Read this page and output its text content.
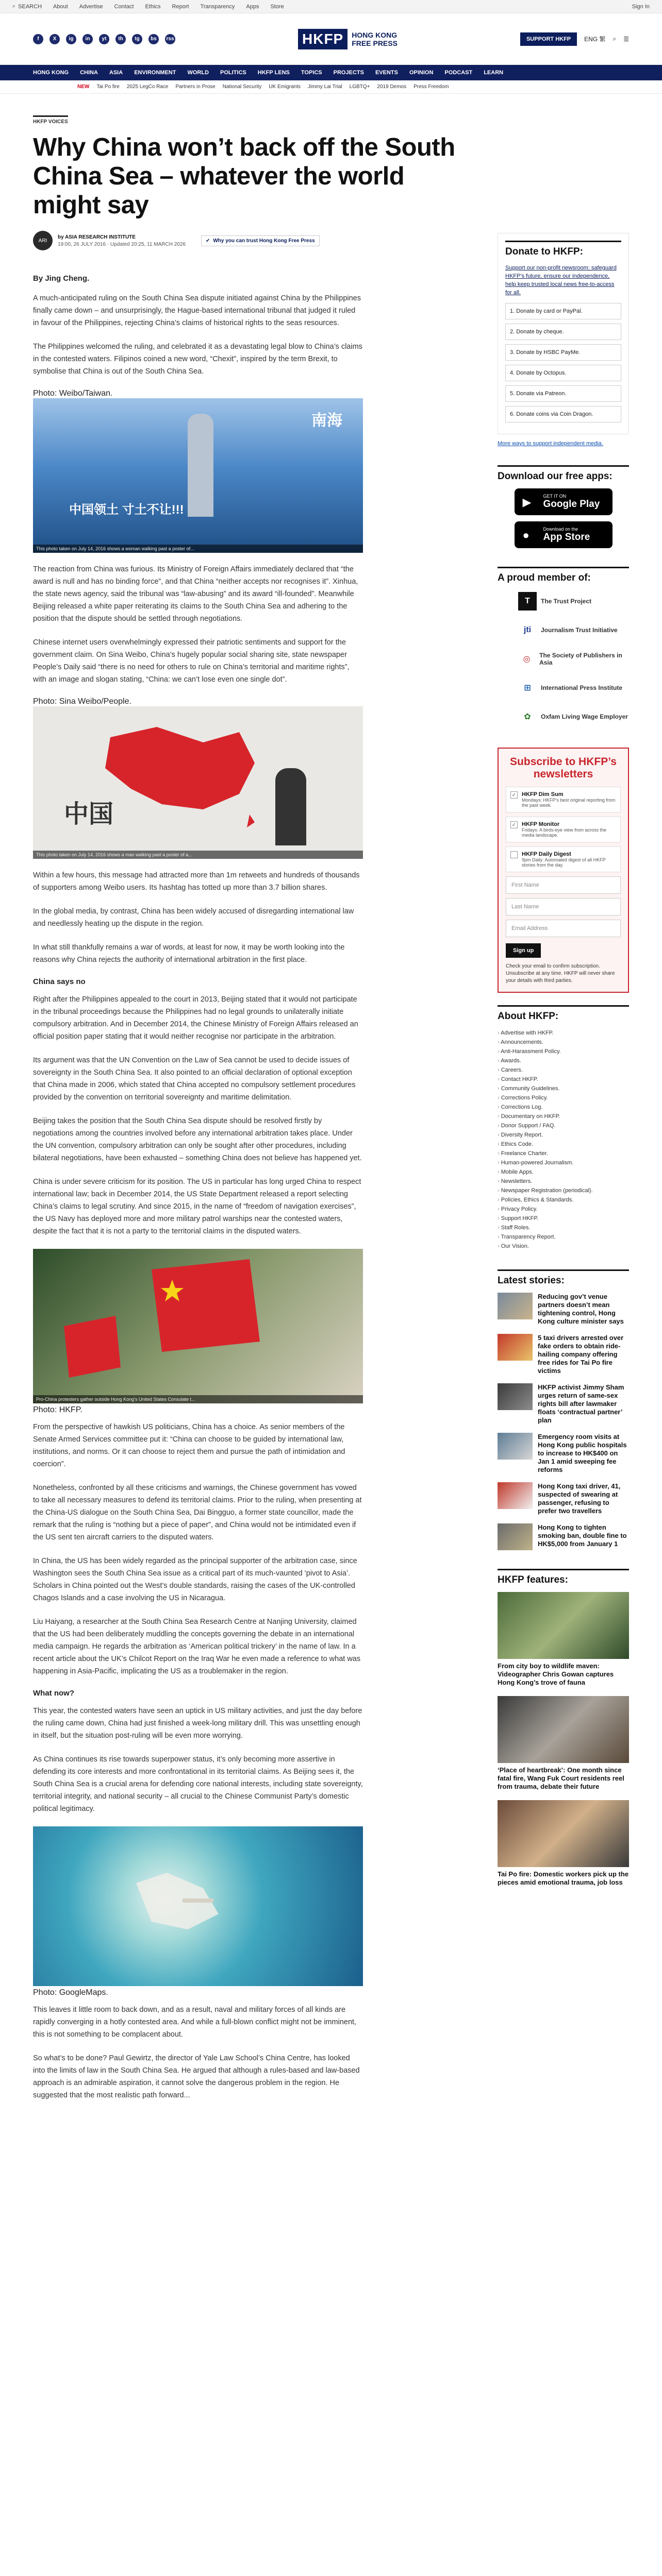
⌕ SEARCH About Advertise Contact Ethics Report Transparency Apps Store	Sign In
f	X	ig	in	yt	th	tg	bs	rss	HKFP	HONG KONG
FREE PRESS	SUPPORT HKFP	ENG 繁 ⌕ ☰
HONG KONG CHINA ASIA ENVIRONMENT WORLD POLITICS HKFP LENS TOPICS PROJECTS EVENTS OPINION PODCAST LEARN
NEW Tai Po fire 2025 LegCo Race Partners in Prose National Security UK Emigrants Jimmy Lai Trial LGBTQ+ 2019 Demos Press Freedom
HKFP VOICES
Why China won’t back off the South China Sea – whatever the world might say
ARI
by ASIA RESEARCH INSTITUTE
19:00, 26 JULY 2016 · Updated 20:25, 11 MARCH 2026
✔ Why you can trust Hong Kong Free Press
By Jing Cheng.

A much-anticipated ruling on the South China Sea dispute initiated against China by the Philippines finally came down – and unsurprisingly, the Hague-based international tribunal that judged it ruled in favour of the Philippines, rejecting China’s claims of historical rights to the seas resources.

The Philippines welcomed the ruling, and celebrated it as a devastating legal blow to China’s claims in the contested waters. Filipinos coined a new word, “Chexit”, inspired by the term Brexit, to symbolise that China is out of the South China Sea.

Photo: Weibo/Taiwan.
南海
中国领土 寸土不让!!!
This photo taken on July 14, 2016 shows a woman walking past a poster of...

The reaction from China was furious. Its Ministry of Foreign Affairs immediately declared that “the award is null and has no binding force”, and that China “neither accepts nor recognises it”. Xinhua, the state news agency, said the tribunal was “law-abusing” and its award “ill-founded”. Meanwhile Beijing released a white paper reiterating its claims to the South China Sea and adhering to the position that the dispute should be settled through negotiations.

Chinese internet users overwhelmingly expressed their patriotic sentiments and support for the government claim. On Sina Weibo, China’s hugely popular social sharing site, state newspaper People’s Daily said “there is no need for others to rule on China’s territorial and maritime rights”, with an image and slogan stating, “China: we can’t lose even one single dot”.

Photo: Sina Weibo/People.
中国
This photo taken on July 14, 2016 shows a man walking past a poster of a...

Within a few hours, this message had attracted more than 1m retweets and hundreds of thousands of supporters among Weibo users. Its hashtag has totted up more than 3.7 billion shares.

In the global media, by contrast, China has been widely accused of disregarding international law and needlessly heating up the dispute in the region.

In what still thankfully remains a war of words, at least for now, it may be worth looking into the reasons why China rejects the authority of international arbitration in the first place.

China says no

Right after the Philippines appealed to the court in 2013, Beijing stated that it would not participate in the tribunal proceedings because the Philippines had no legal grounds to unilaterally initiate compulsory arbitration. And in December 2014, the Chinese Ministry of Foreign Affairs released an official position paper stating that it would neither recognise nor participate in the arbitration.

Its argument was that the UN Convention on the Law of Sea cannot be used to decide issues of sovereignty in the South China Sea. It also pointed to an official declaration of optional exception that China made in 2006, which stated that China accepted no compulsory settlement procedures provided by the convention on territorial sovereignty and maritime delimitation.

Beijing takes the position that the South China Sea dispute should be resolved firstly by negotiations among the countries involved before any international arbitration takes place. Under the UN convention, compulsory arbitration can only be sought after other procedures, including bilateral negotiations, have been exhausted – something China does not believe has happened yet.

China is under severe criticism for its position. The US in particular has long urged China to respect international law; back in December 2014, the US State Department released a report selecting China’s claims to legal scrutiny. And since 2015, in the name of “freedom of navigation exercises”, the US Navy has deployed more and more military patrol warships near the contested waters, despite the fact that it is not a party to the territorial claims in the disputed waters.

Pro-China protesters gather outside Hong Kong’s United States Consulate t...
Photo: HKFP.

From the perspective of hawkish US politicians, China has a choice. As senior members of the Senate Armed Services committee put it: “China can choose to be guided by international law, institutions, and norms. Or it can choose to reject them and pursue the path of intimidation and coercion”.

Nonetheless, confronted by all these criticisms and warnings, the Chinese government has vowed to take all necessary measures to defend its territorial claims. Prior to the ruling, when presenting at the China-US dialogue on the South China Sea, Dai Bingguo, a former state councillor, made the remark that the ruling is “nothing but a piece of paper”, and China would not be intimidated even if the US sent ten aircraft carriers to the disputed waters.

In China, the US has been widely regarded as the principal supporter of the arbitration case, since Washington sees the South China Sea issue as a critical part of its much-vaunted ‘pivot to Asia’. Scholars in China pointed out the West’s double standards, raising the cases of the UK-controlled Chagos Islands and a case involving the US in Nicaragua.

Liu Haiyang, a researcher at the South China Sea Research Centre at Nanjing University, claimed that the US had been deliberately muddling the concepts governing the debate in an international media campaign. He regards the arbitration as ‘American political trickery’ in the name of law. In a recent article about the UK’s Chilcot Report on the Iraq War he even made a reference to what was happening in Asia-Pacific, implicating the US as a troublemaker in the region.

What now?

This year, the contested waters have seen an uptick in US military activities, and just the day before the ruling came down, China had just finished a week-long military drill. This was unsettling enough in itself, but the situation post-ruling will be even more worrying.

As China continues its rise towards superpower status, it’s only becoming more assertive in defending its core interests and more confrontational in its territorial claims. As Beijing sees it, the South China Sea is a crucial arena for defending core national interests, including state sovereignty, territorial integrity, and national security – all crucial to the Chinese Communist Party’s domestic political legitimacy.

Photo: GoogleMaps.

This leaves it little room to back down, and as a result, naval and military forces of all kinds are rapidly converging in a hotly contested area. And while a full-blown conflict might not be imminent, this is not something to be complacent about.

So what’s to be done? Paul Gewirtz, the director of Yale Law School’s China Centre, has looked into the limits of law in the South China Sea. He argued that although a rules-based and law-based approach is an admirable aspiration, it cannot solve the dangerous problem in the region. He suggested that the most realistic path forward...

Donate to HKFP:

Support our non-profit newsroom: safeguard HKFP’s future, ensure our independence, help keep trusted local news free-to-access for all.

1. Donate by card or PayPal.
2. Donate by cheque.
3. Donate by HSBC PayMe.
4. Donate by Octopus.
5. Donate via Patreon.
6. Donate coins via Coin Dragon.
More ways to support independent media.
Download our free apps:
▶	GET IT ON
Google Play
●	Download on the
App Store
A proud member of:
T	The Trust Project
jti	Journalism Trust Initiative
◎	The Society of Publishers in Asia
⊞	International Press Institute
✿	Oxfam Living Wage Employer
Subscribe to HKFP’s newsletters
✓ HKFP Dim Sum
Mondays: HKFP’s best original reporting from the past week.
✓ HKFP Monitor
Fridays: A birds-eye view from across the media landscape.
HKFP Daily Digest
9pm Daily: Automated digest of all HKFP stories from the day.
First Name
Last Name
Email Address
Sign up
Check your email to confirm subscription. Unsubscribe at any time. HKFP will never share your details with third parties.
About HKFP:
› Advertise with HKFP.
› Announcements.
› Anti-Harassment Policy.
› Awards.
› Careers.
› Contact HKFP.
› Community Guidelines.
› Corrections Policy.
› Corrections Log.
› Documentary on HKFP.
› Donor Support / FAQ.
› Diversity Report.
› Ethics Code.
› Freelance Charter.
› Human-powered Journalism.
› Mobile Apps.
› Newsletters.
› Newspaper Registration (periodical).
› Policies, Ethics & Standards.
› Privacy Policy.
› Support HKFP.
› Staff Roles.
› Transparency Report.
› Our Vision.
Latest stories:
Reducing gov’t venue partners doesn’t mean tightening control, Hong Kong culture minister says
5 taxi drivers arrested over fake orders to obtain ride-hailing company offering free rides for Tai Po fire victims
HKFP activist Jimmy Sham urges return of same-sex rights bill after lawmaker floats ‘contractual partner’ plan
Emergency room visits at Hong Kong public hospitals to increase to HK$400 on Jan 1 amid sweeping fee reforms
Hong Kong taxi driver, 41, suspected of swearing at passenger, refusing to prefer two travellers
Hong Kong to tighten smoking ban, double fine to HK$5,000 from January 1
HKFP features:
From city boy to wildlife maven: Videographer Chris Gowan captures Hong Kong’s trove of fauna
‘Place of heartbreak’: One month since fatal fire, Wang Fuk Court residents reel from trauma, debate their future
Tai Po fire: Domestic workers pick up the pieces amid emotional trauma, job loss
